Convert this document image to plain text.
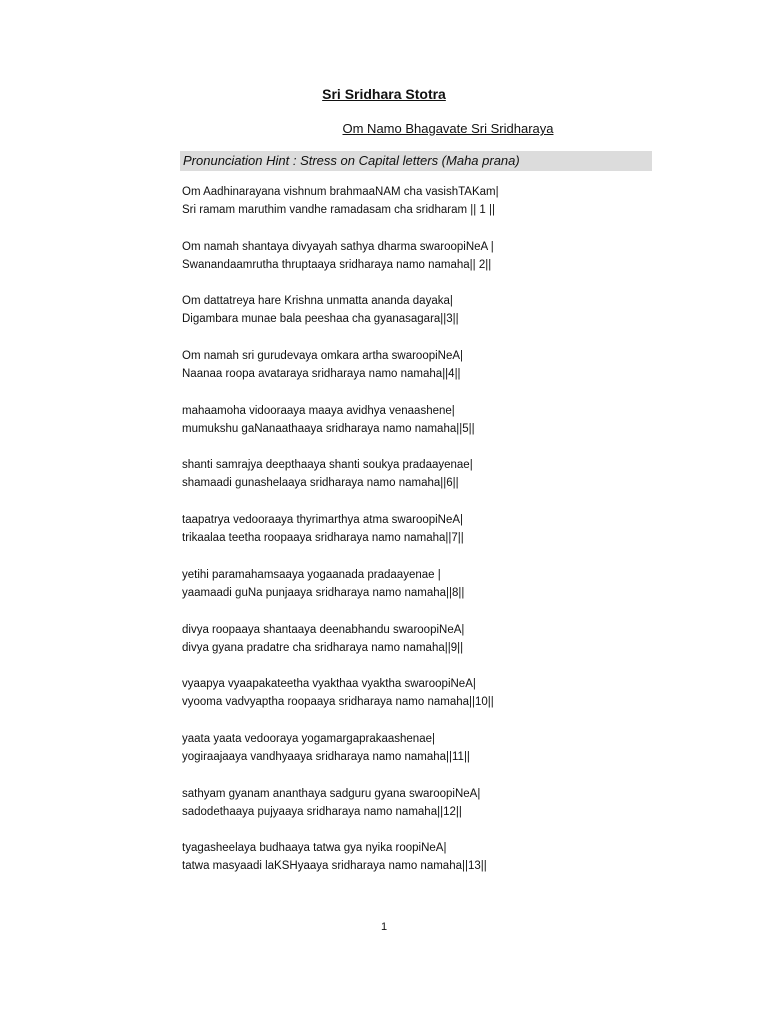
Sri Sridhara Stotra
Om Namo Bhagavate Sri Sridharaya
Pronunciation Hint : Stress on Capital letters (Maha prana)
Om Aadhinarayana vishnum brahmaaNAM cha vasishTAKam|
Sri ramam maruthim vandhe ramadasam cha sridharam || 1 ||
Om namah shantaya divyayah sathya dharma swaroopiNeA |
Swanandaamrutha thruptaaya sridharaya namo namaha|| 2||
Om dattatreya hare Krishna unmatta ananda dayaka|
Digambara munae bala peeshaa cha gyanasagara||3||
Om namah sri gurudevaya omkara artha swaroopiNeA|
Naanaa roopa avataraya sridharaya namo namaha||4||
mahaamoha vidooraaya maaya avidhya venaashene|
mumukshu gaNanaathaaya sridharaya namo namaha||5||
shanti samrajya deepthaaya shanti soukya pradaayenae|
shamaadi gunashelaaya sridharaya namo namaha||6||
taapatrya vedooraaya thyrimarthya atma swaroopiNeA|
trikaalaa teetha roopaaya sridharaya namo namaha||7||
yetihi paramahamsaaya yogaanada pradaayenae |
yaamaadi guNa punjaaya sridharaya namo namaha||8||
divya roopaaya shantaaya deenabhandu swaroopiNeA|
divya gyana pradatre cha sridharaya namo namaha||9||
vyaapya vyaapakateetha vyakthaa vyaktha swaroopiNeA|
vyooma vadvyaptha roopaaya sridharaya namo namaha||10||
yaata yaata vedooraya yogamargaprakaashenae|
yogiraajaaya vandhyaaya sridharaya namo namaha||11||
sathyam gyanam ananthaya sadguru gyana swaroopiNeA|
sadodethaaya pujyaaya sridharaya namo namaha||12||
tyagasheelaya budhaaya tatwa gya nyika roopiNeA|
tatwa masyaadi laKSHyaaya sridharaya namo namaha||13||
1
